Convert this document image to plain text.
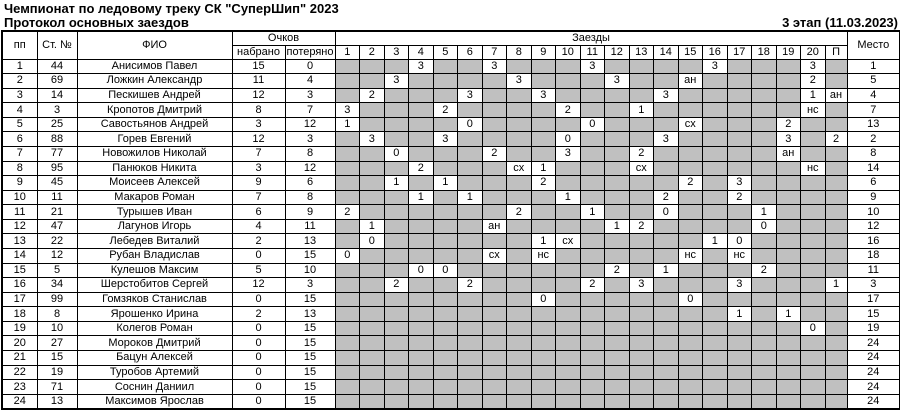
Чемпионат по ледовому треку СК "СуперШип" 2023
Протокол основных заездов	3 этап (11.03.2023)
пп	Ст. №	ФИО	Очков		Заезды																					Место
			набрано	потеряно	1	2	3	4	5	6	7	8	9	10	11	12	13	14	15	16	17	18	19	20	П	
1	44	Анисимов Павел	15	0				3			3				3					3				3		1
2	69	Ложкин Александр	11	4			3					3				3			ан					2		5
3	14	Пескишев Андрей	12	3		2				3			3					3						1	ан	4
4	3	Кропотов Дмитрий	8	7	3				2					2			1							нс		7
5	25	Савостьянов Андрей	3	12	1					0					0				сх				2			13
6	88	Горев Евгений	12	3		3			3					0				3					3		2	2
7	77	Новожилов Николай	7	8			0				2			3			2						ан			8
8	95	Панюков Никита	3	12				2				сх	1				сх							нс		14
9	45	Моисеев Алексей	9	6			1		1				2						2		3					6
10	11	Макаров Роман	7	8				1		1				1				2			2					9
11	21	Турышев Иван	6	9	2							2			1			0				1				10
12	47	Лагунов Игорь	4	11		1					ан					1	2					0				12
13	22	Лебедев Виталий	2	13		0							1	сх						1	0					16
14	12	Рубан Владислав	0	15	0						сх		нс						нс		нс					18
15	5	Кулешов Максим	5	10				0	0							2		1				2				11
16	34	Шерстобитов Сергей	12	3			2			2					2		3				3				1	3
17	99	Гомзяков Станислав	0	15									0						0							17
18	8	Ярошенко Ирина	2	13																	1		1			15
19	10	Колегов Роман	0	15																				0		19
20	27	Мороков Дмитрий	0	15																						24
21	15	Бацун Алексей	0	15																						24
22	19	Туробов Артемий	0	15																						24
23	71	Соснин Даниил	0	15																						24
24	13	Максимов Ярослав	0	15																						24
